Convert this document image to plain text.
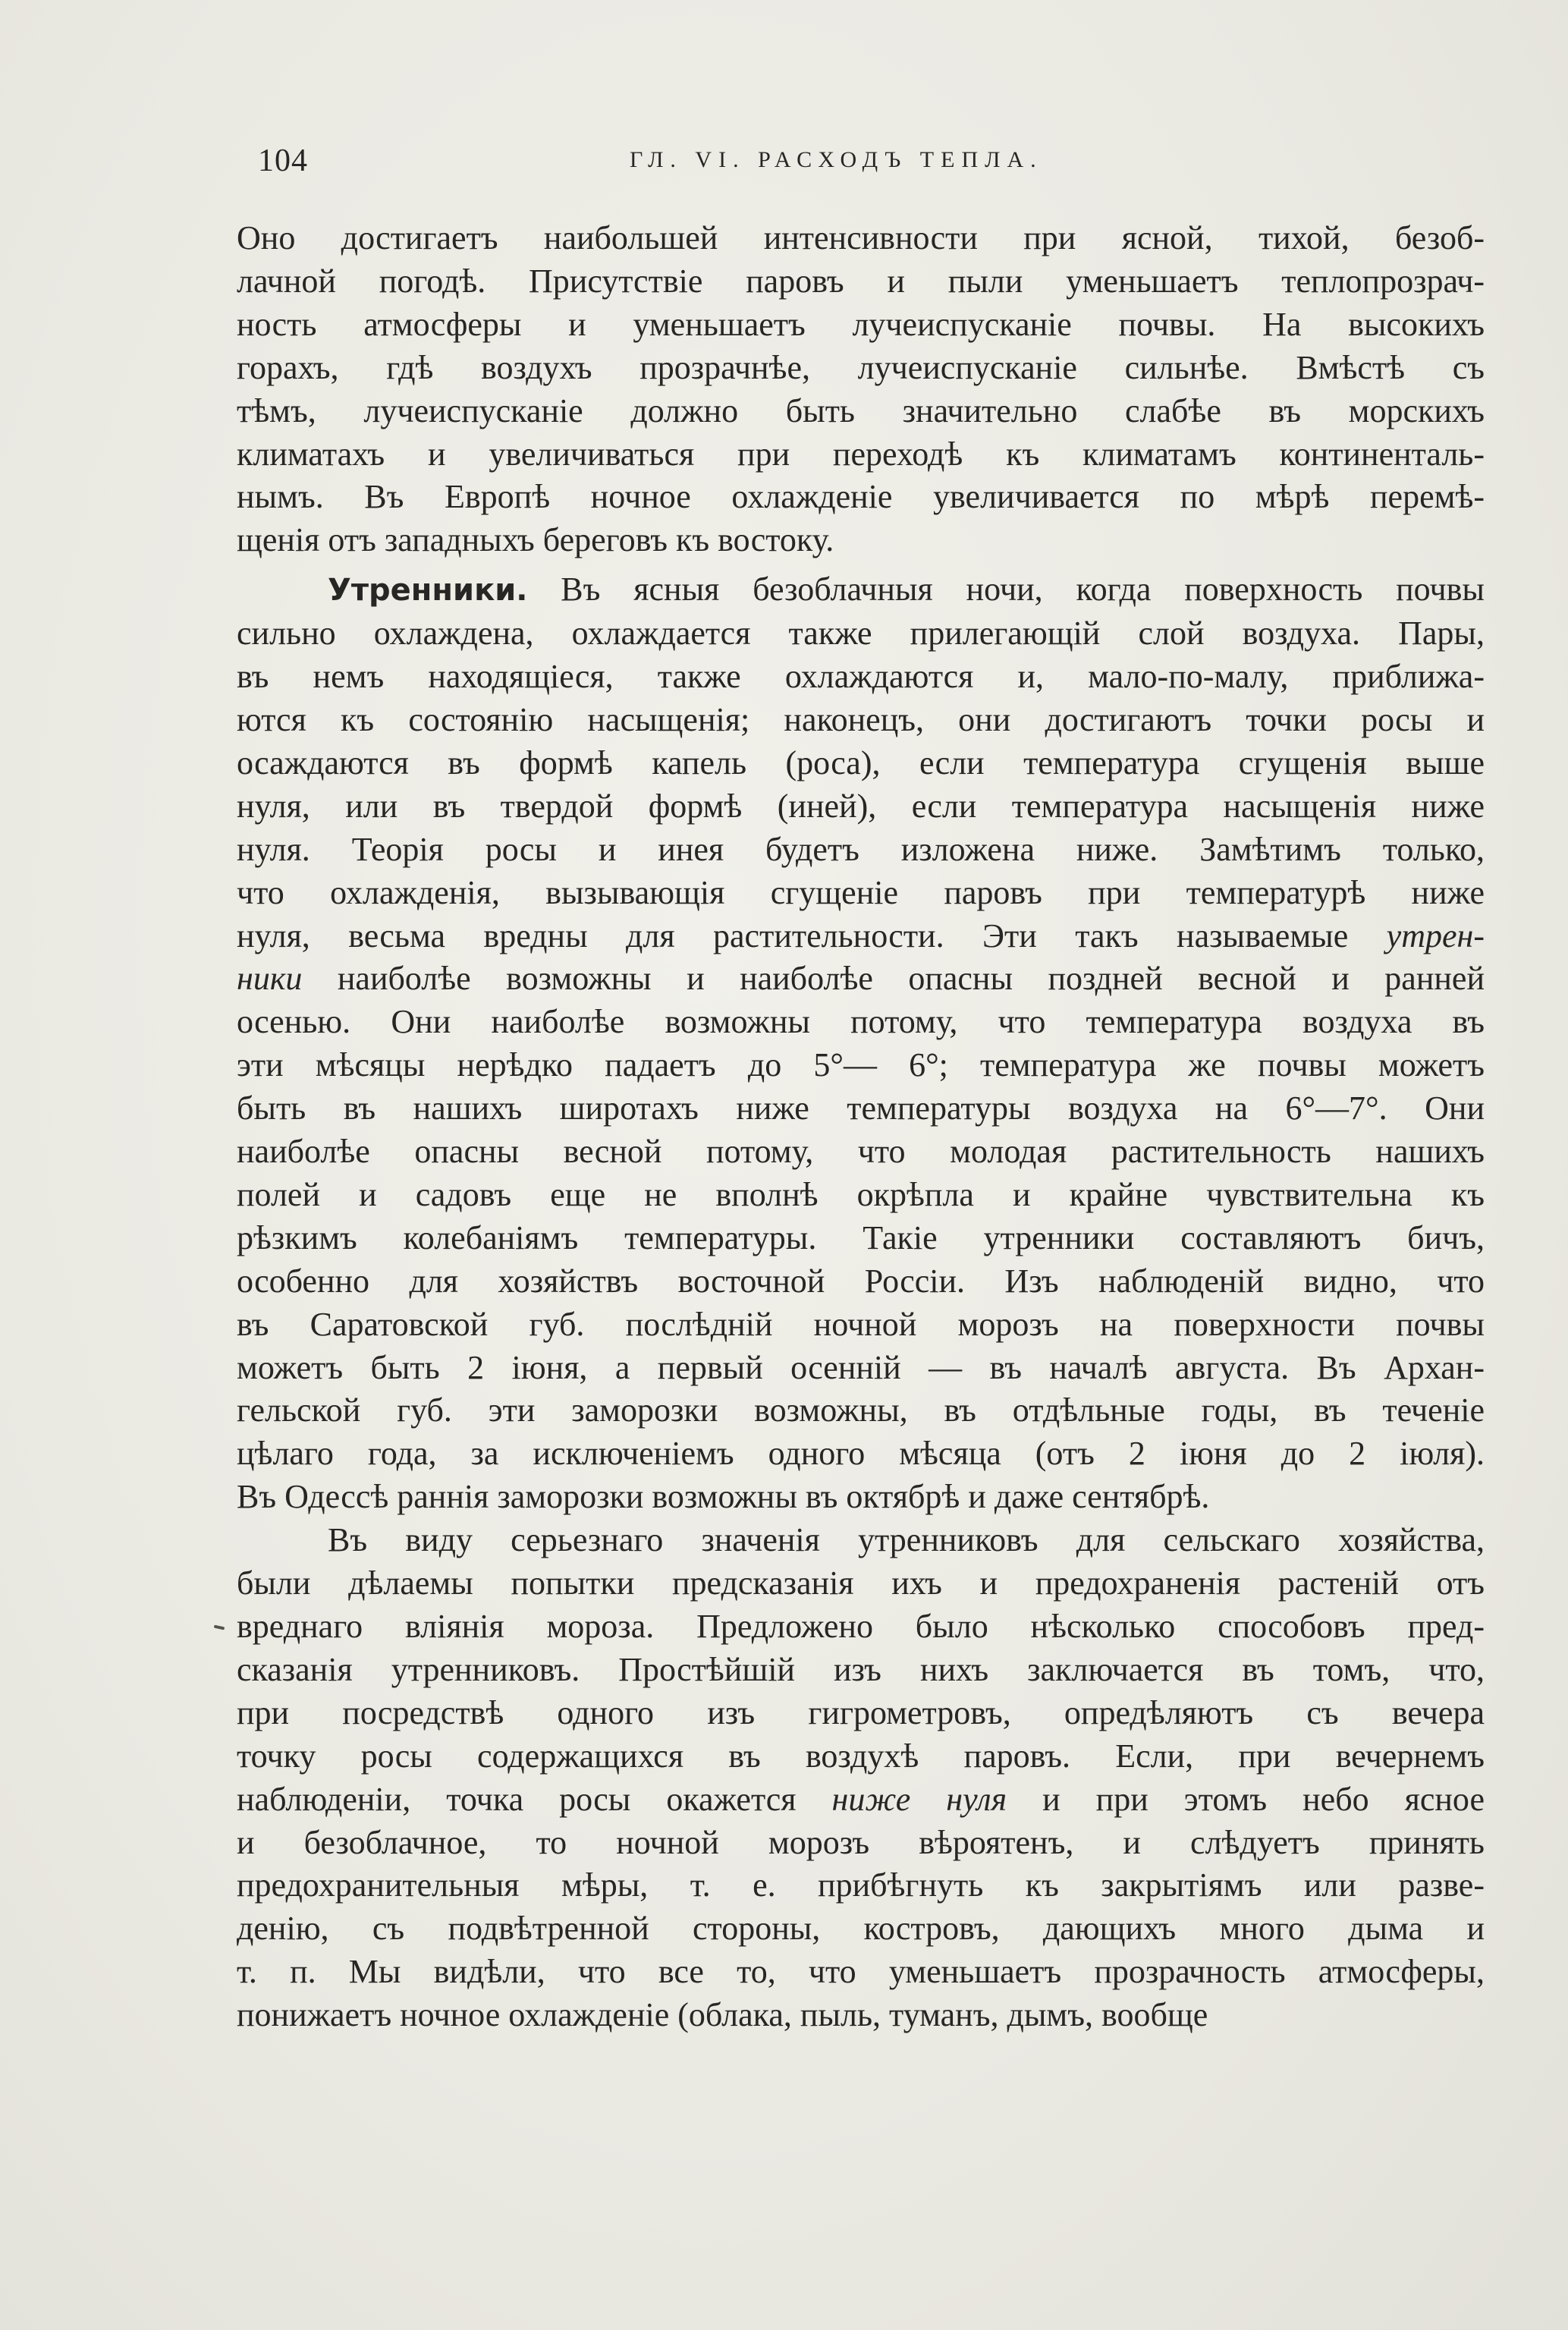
104	ГЛ. VI. РАСХОДЪ ТЕПЛА.
Оно достигаетъ наибольшей интенсивности при ясной, тихой, безоб-
лачной погодѣ. Присутствіе паровъ и пыли уменьшаетъ теплопрозрач-
ность атмосферы и уменьшаетъ лучеиспусканіе почвы. На высокихъ
горахъ, гдѣ воздухъ прозрачнѣе, лучеиспусканіе сильнѣе. Вмѣстѣ съ
тѣмъ, лучеиспусканіе должно быть значительно слабѣе въ морскихъ
климатахъ и увеличиваться при переходѣ къ климатамъ континенталь-
нымъ. Въ Европѣ ночное охлажденіе увеличивается по мѣрѣ перемѣ-
щенія отъ западныхъ береговъ къ востоку.
Утренники. Въ ясныя безоблачныя ночи, когда поверхность почвы
сильно охлаждена, охлаждается также прилегающій слой воздуха. Пары,
въ немъ находящіеся, также охлаждаются и, мало-по-малу, приближа-
ются къ состоянію насыщенія; наконецъ, они достигаютъ точки росы и
осаждаются въ формѣ капель (роса), если температура сгущенія выше
нуля, или въ твердой формѣ (иней), если температура насыщенія ниже
нуля. Теорія росы и инея будетъ изложена ниже. Замѣтимъ только,
что охлажденія, вызывающія сгущеніе паровъ при температурѣ ниже
нуля, весьма вредны для растительности. Эти такъ называемые утрен-
ники наиболѣе возможны и наиболѣе опасны поздней весной и ранней
осенью. Они наиболѣе возможны потому, что температура воздуха въ
эти мѣсяцы нерѣдко падаетъ до 5°— 6°; температура же почвы можетъ
быть въ нашихъ широтахъ ниже температуры воздуха на 6°—7°. Они
наиболѣе опасны весной потому, что молодая растительность нашихъ
полей и садовъ еще не вполнѣ окрѣпла и крайне чувствительна къ
рѣзкимъ колебаніямъ температуры. Такіе утренники составляютъ бичъ,
особенно для хозяйствъ восточной Россіи. Изъ наблюденій видно, что
въ Саратовской губ. послѣдній ночной морозъ на поверхности почвы
можетъ быть 2 іюня, а первый осенній — въ началѣ августа. Въ Архан-
гельской губ. эти заморозки возможны, въ отдѣльные годы, въ теченіе
цѣлаго года, за исключеніемъ одного мѣсяца (отъ 2 іюня до 2 іюля).
Въ Одессѣ раннія заморозки возможны въ октябрѣ и даже сентябрѣ.
Въ виду серьезнаго значенія утренниковъ для сельскаго хозяйства,
были дѣлаемы попытки предсказанія ихъ и предохраненія растеній отъ
вреднаго вліянія мороза. Предложено было нѣсколько способовъ пред-
сказанія утренниковъ. Простѣйшій изъ нихъ заключается въ томъ, что,
при посредствѣ одного изъ гигрометровъ, опредѣляютъ съ вечера
точку росы содержащихся въ воздухѣ паровъ. Если, при вечернемъ
наблюденіи, точка росы окажется ниже нуля и при этомъ небо ясное
и безоблачное, то ночной морозъ вѣроятенъ, и слѣдуетъ принять
предохранительныя мѣры, т. е. прибѣгнуть къ закрытіямъ или разве-
денію, съ подвѣтренной стороны, костровъ, дающихъ много дыма и
т. п. Мы видѣли, что все то, что уменьшаетъ прозрачность атмосферы,
понижаетъ ночное охлажденіе (облака, пыль, туманъ, дымъ, вообще
